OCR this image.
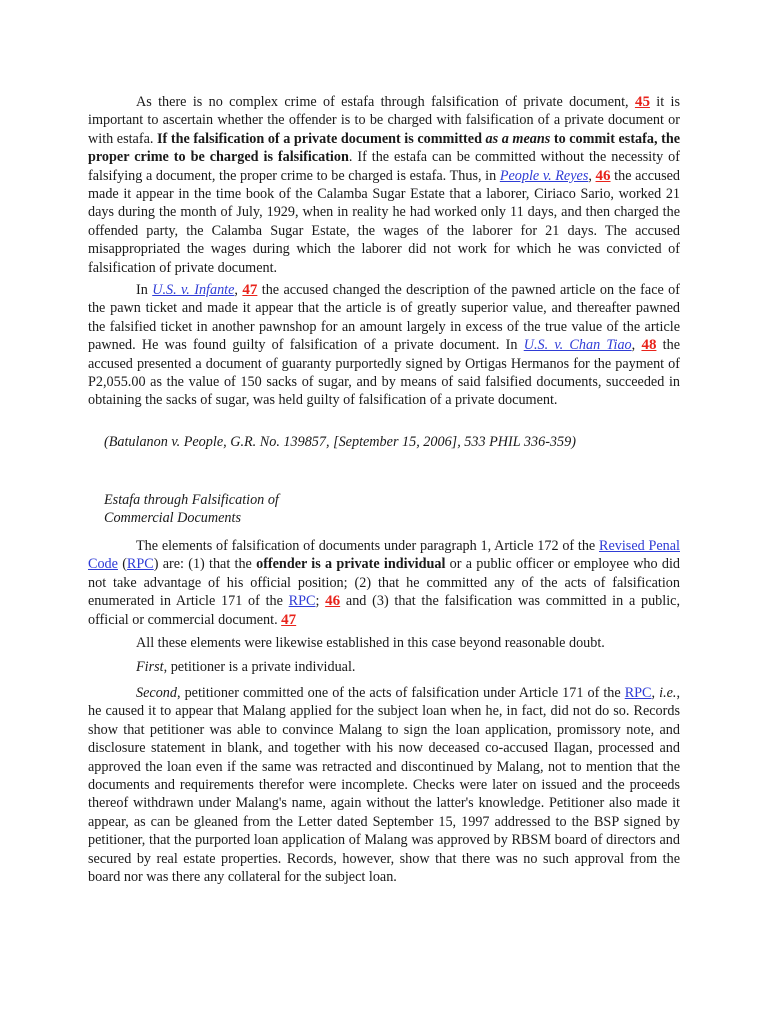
As there is no complex crime of estafa through falsification of private document, 45 it is important to ascertain whether the offender is to be charged with falsification of a private document or with estafa. If the falsification of a private document is committed as a means to commit estafa, the proper crime to be charged is falsification. If the estafa can be committed without the necessity of falsifying a document, the proper crime to be charged is estafa. Thus, in People v. Reyes, 46 the accused made it appear in the time book of the Calamba Sugar Estate that a laborer, Ciriaco Sario, worked 21 days during the month of July, 1929, when in reality he had worked only 11 days, and then charged the offended party, the Calamba Sugar Estate, the wages of the laborer for 21 days. The accused misappropriated the wages during which the laborer did not work for which he was convicted of falsification of private document.

In U.S. v. Infante, 47 the accused changed the description of the pawned article on the face of the pawn ticket and made it appear that the article is of greatly superior value, and thereafter pawned the falsified ticket in another pawnshop for an amount largely in excess of the true value of the article pawned. He was found guilty of falsification of a private document. In U.S. v. Chan Tiao, 48 the accused presented a document of guaranty purportedly signed by Ortigas Hermanos for the payment of P2,055.00 as the value of 150 sacks of sugar, and by means of said falsified documents, succeeded in obtaining the sacks of sugar, was held guilty of falsification of a private document.

(Batulanon v. People, G.R. No. 139857, [September 15, 2006], 533 PHIL 336-359)

Estafa through Falsification of
Commercial Documents

The elements of falsification of documents under paragraph 1, Article 172 of the Revised Penal Code (RPC) are: (1) that the offender is a private individual or a public officer or employee who did not take advantage of his official position; (2) that he committed any of the acts of falsification enumerated in Article 171 of the RPC; 46 and (3) that the falsification was committed in a public, official or commercial document. 47

All these elements were likewise established in this case beyond reasonable doubt.

First, petitioner is a private individual.

Second, petitioner committed one of the acts of falsification under Article 171 of the RPC, i.e., he caused it to appear that Malang applied for the subject loan when he, in fact, did not do so. Records show that petitioner was able to convince Malang to sign the loan application, promissory note, and disclosure statement in blank, and together with his now deceased co-accused Ilagan, processed and approved the loan even if the same was retracted and discontinued by Malang, not to mention that the documents and requirements therefor were incomplete. Checks were later on issued and the proceeds thereof withdrawn under Malang's name, again without the latter's knowledge. Petitioner also made it appear, as can be gleaned from the Letter dated September 15, 1997 addressed to the BSP signed by petitioner, that the purported loan application of Malang was approved by RBSM board of directors and secured by real estate properties. Records, however, show that there was no such approval from the board nor was there any collateral for the subject loan.
